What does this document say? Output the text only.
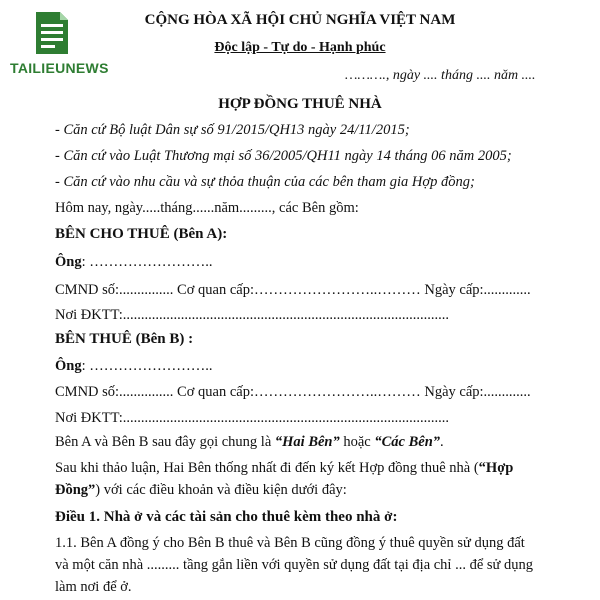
TAILIEUNEWS
CỘNG HÒA XÃ HỘI CHỦ NGHĨA VIỆT NAM
Độc lập - Tự do - Hạnh phúc
………., ngày .... tháng .... năm ....
HỢP ĐỒNG THUÊ NHÀ
- Căn cứ Bộ luật Dân sự số 91/2015/QH13 ngày 24/11/2015;
- Căn cứ vào Luật Thương mại số 36/2005/QH11 ngày 14 tháng 06 năm 2005;
- Căn cứ vào nhu cầu và sự thỏa thuận của các bên tham gia Hợp đồng;
Hôm nay, ngày.....tháng......năm........., các Bên gồm:
BÊN CHO THUÊ (Bên A):
Ông: ……………………..
CMND số:............... Cơ quan cấp:……………………..……… Ngày cấp:.............
Nơi ĐKTT:..........................................................................................
BÊN THUÊ (Bên B) :
Ông: ……………………..
CMND số:............... Cơ quan cấp:……………………..……… Ngày cấp:.............
Nơi ĐKTT:..........................................................................................
Bên A và Bên B sau đây gọi chung là “Hai Bên” hoặc “Các Bên”.
Sau khi thảo luận, Hai Bên thống nhất đi đến ký kết Hợp đồng thuê nhà (“Hợp
Đồng”) với các điều khoản và điều kiện dưới đây:
Điều 1. Nhà ở và các tài sản cho thuê kèm theo nhà ở:
1.1. Bên A đồng ý cho Bên B thuê và Bên B cũng đồng ý thuê quyền sử dụng đất
và một căn nhà ......... tầng gắn liền với quyền sử dụng đất tại địa chỉ ... để sử dụng
làm nơi để ở.
